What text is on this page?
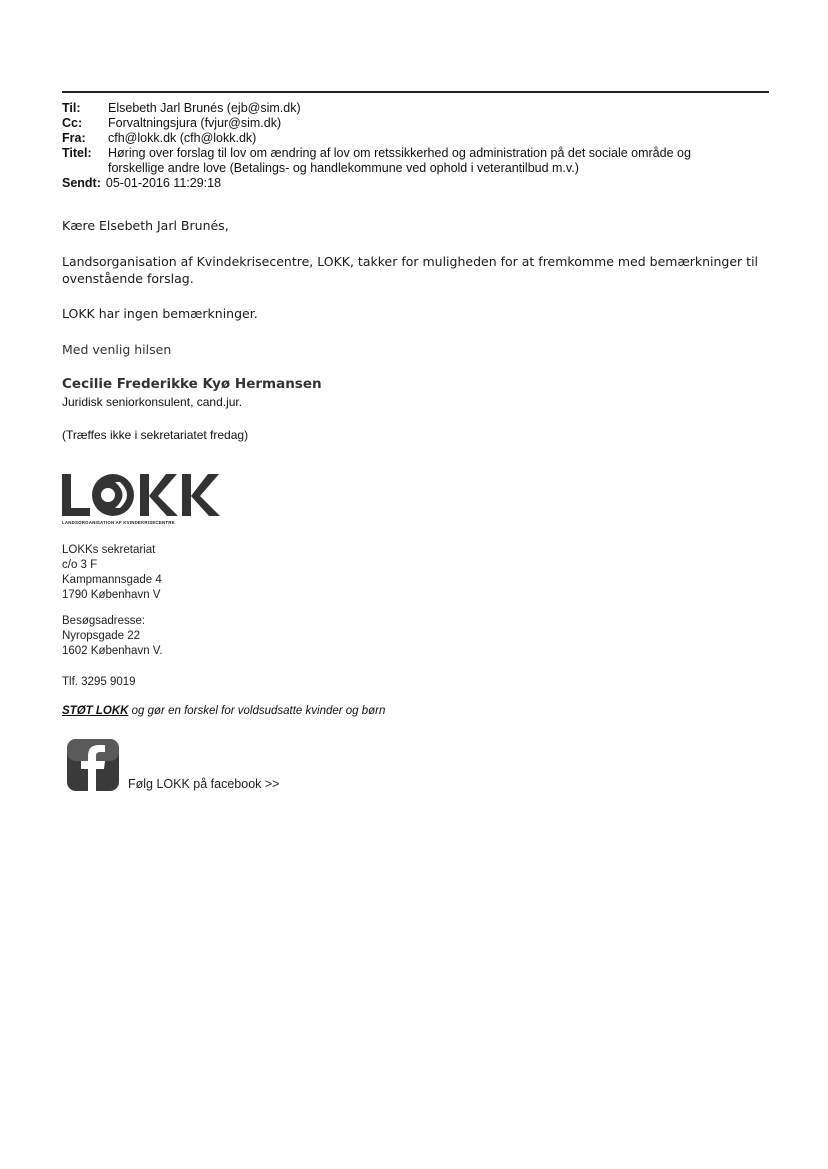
Til:	Elsebeth Jarl Brunés (ejb@sim.dk)
Cc:	Forvaltningsjura (fvjur@sim.dk)
Fra:	cfh@lokk.dk (cfh@lokk.dk)
Titel:	Høring over forslag til lov om ændring af lov om retssikkerhed og administration på det sociale område og
forskellige andre love (Betalings- og handlekommune ved ophold i veterantilbud m.v.)
Sendt: 05-01-2016 11:29:18
Kære Elsebeth Jarl Brunés,
Landsorganisation af Kvindekrisecentre, LOKK, takker for muligheden for at fremkomme med bemærkninger til ovenstående forslag.
LOKK har ingen bemærkninger.
Med venlig hilsen
Cecilie Frederikke Kyø Hermansen
Juridisk seniorkonsulent, cand.jur.
(Træffes ikke i sekretariatet fredag)
LANDSORGANISATION AF KVINDEKRISECENTRE
LOKKs sekretariat
c/o 3 F
Kampmannsgade 4
1790 København V
Besøgsadresse:
Nyropsgade 22
1602 København V.
Tlf. 3295 9019
STØT LOKK og gør en forskel for voldsudsatte kvinder og børn
Følg LOKK på facebook >>
